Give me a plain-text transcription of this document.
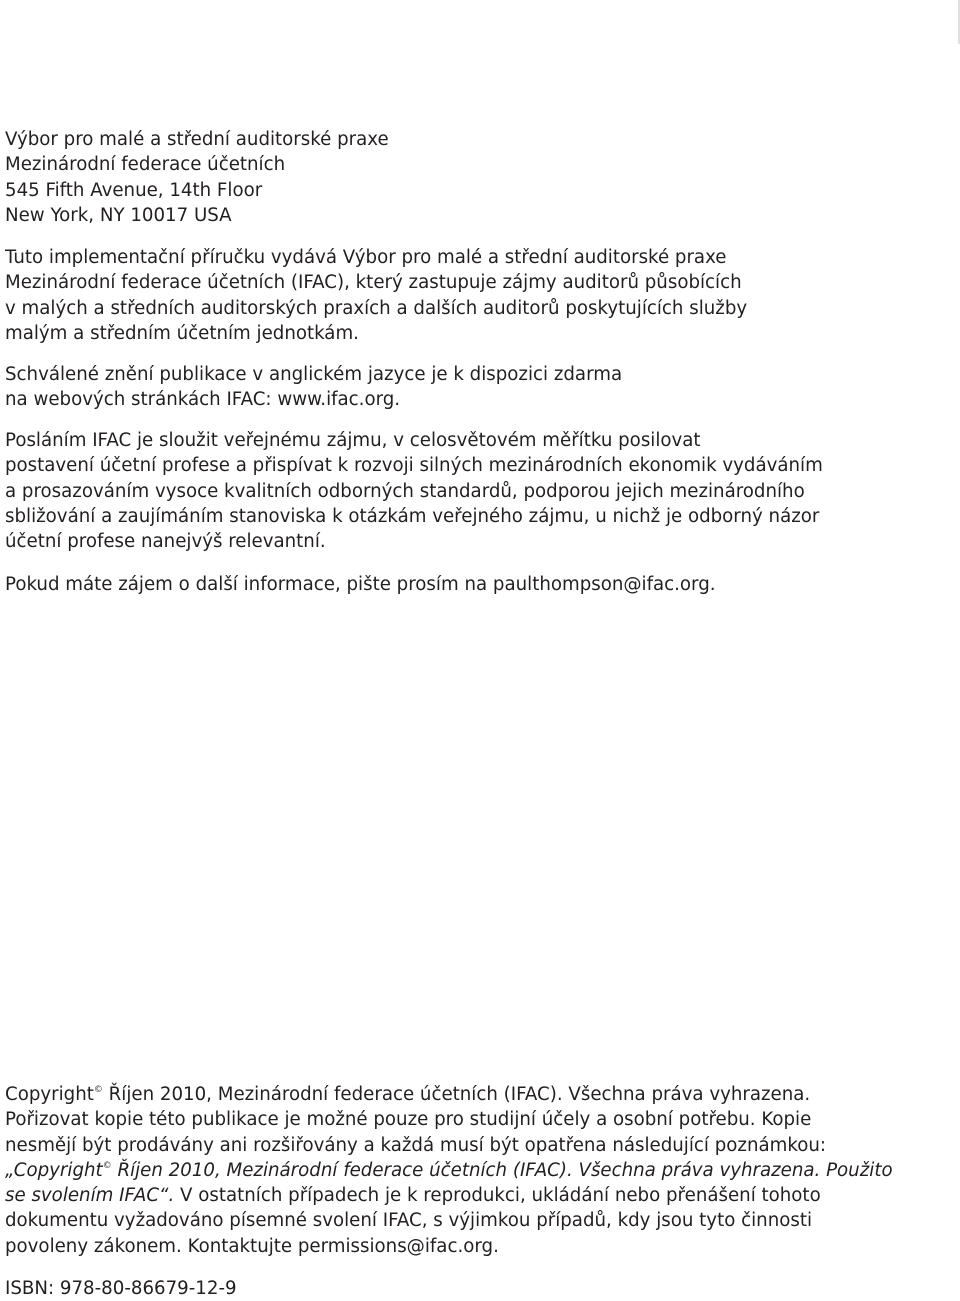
Výbor pro malé a střední auditorské praxe
Mezinárodní federace účetních
545 Fifth Avenue, 14th Floor
New York, NY 10017 USA
Tuto implementační příručku vydává Výbor pro malé a střední auditorské praxe
Mezinárodní federace účetních (IFAC), který zastupuje zájmy auditorů působících
v malých a středních auditorských praxích a dalších auditorů poskytujících služby
malým a středním účetním jednotkám.
Schválené znění publikace v anglickém jazyce je k dispozici zdarma
na webových stránkách IFAC: www.ifac.org.
Posláním IFAC je sloužit veřejnému zájmu, v celosvětovém měřítku posilovat
postavení účetní profese a přispívat k rozvoji silných mezinárodních ekonomik vydáváním
a prosazováním vysoce kvalitních odborných standardů, podporou jejich mezinárodního
sbližování a zaujímáním stanoviska k otázkám veřejného zájmu, u nichž je odborný názor
účetní profese nanejvýš relevantní.
Pokud máte zájem o další informace, pište prosím na paulthompson@ifac.org.
Copyright© Říjen 2010, Mezinárodní federace účetních (IFAC). Všechna práva vyhrazena.
Pořizovat kopie této publikace je možné pouze pro studijní účely a osobní potřebu. Kopie
nesmějí být prodávány ani rozšiřovány a každá musí být opatřena následující poznámkou:
„Copyright© Říjen 2010, Mezinárodní federace účetních (IFAC). Všechna práva vyhrazena. Použito
se svolením IFAC“. V ostatních případech je k reprodukci, ukládání nebo přenášení tohoto
dokumentu vyžadováno písemné svolení IFAC, s výjimkou případů, kdy jsou tyto činnosti
povoleny zákonem. Kontaktujte permissions@ifac.org.
ISBN: 978-80-86679-12-9
